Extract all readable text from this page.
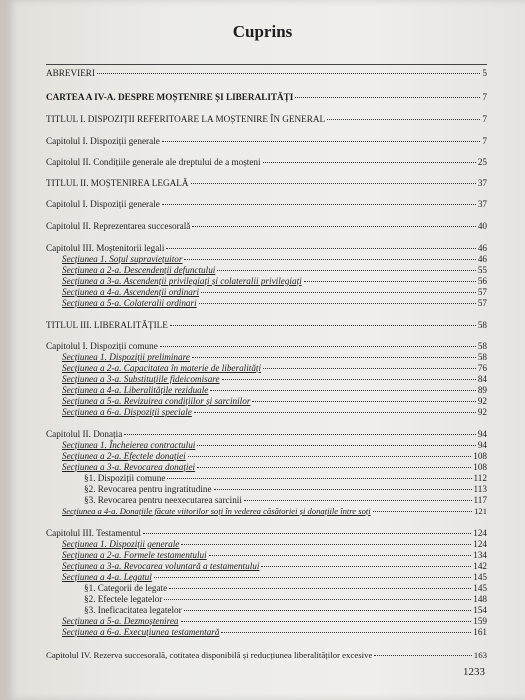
Cuprins
ABREVIERI	5
CARTEA A IV-A. DESPRE MOȘTENIRE ȘI LIBERALITĂȚI	7
TITLUL I. DISPOZIȚII REFERITOARE LA MOȘTENIRE ÎN GENERAL	7
Capitolul I. Dispoziții generale	7
Capitolul II. Condițiile generale ale dreptului de a moșteni	25
TITLUL II. MOȘTENIREA LEGALĂ	37
Capitolul I. Dispoziții generale	37
Capitolul II. Reprezentarea succesorală	40
Capitolul III. Moștenitorii legali	46
Secțiunea 1. Soțul supraviețuitor	46
Secțiunea a 2-a. Descendenții defunctului	55
Secțiunea a 3-a. Ascendenții privilegiați și colateralii privilegiați	56
Secțiunea a 4-a. Ascendenții ordinari	57
Secțiunea a 5-a. Colateralii ordinari	57
TITLUL III. LIBERALITĂȚILE	58
Capitolul I. Dispoziții comune	58
Secțiunea 1. Dispoziții preliminare	58
Secțiunea a 2-a. Capacitatea în materie de liberalități	76
Secțiunea a 3-a. Substituțiile fideicomisare	84
Secțiunea a 4-a. Liberalitățile reziduale	89
Secțiunea a 5-a. Revizuirea condițiilor și sarcinilor	92
Secțiunea a 6-a. Dispoziții speciale	92
Capitolul II. Donația	94
Secțiunea 1. Încheierea contractului	94
Secțiunea a 2-a. Efectele donației	108
Secțiunea a 3-a. Revocarea donației	108
§1. Dispoziții comune	112
§2. Revocarea pentru ingratitudine	113
§3. Revocarea pentru neexecutarea sarcinii	117
Secțiunea a 4-a. Donațiile făcute viitorilor soți în vederea căsătoriei și donațiile între soți	121
Capitolul III. Testamentul	124
Secțiunea 1. Dispoziții generale	124
Secțiunea a 2-a. Formele testamentului	134
Secțiunea a 3-a. Revocarea voluntară a testamentului	142
Secțiunea a 4-a. Legatul	145
§1. Categorii de legate	145
§2. Efectele legatelor	148
§3. Ineficacitatea legatelor	154
Secțiunea a 5-a. Dezmoștenirea	159
Secțiunea a 6-a. Execuțiunea testamentară	161
Capitolul IV. Rezerva succesorală, cotitatea disponibilă și reducțiunea liberalităților excesive	163
1233
